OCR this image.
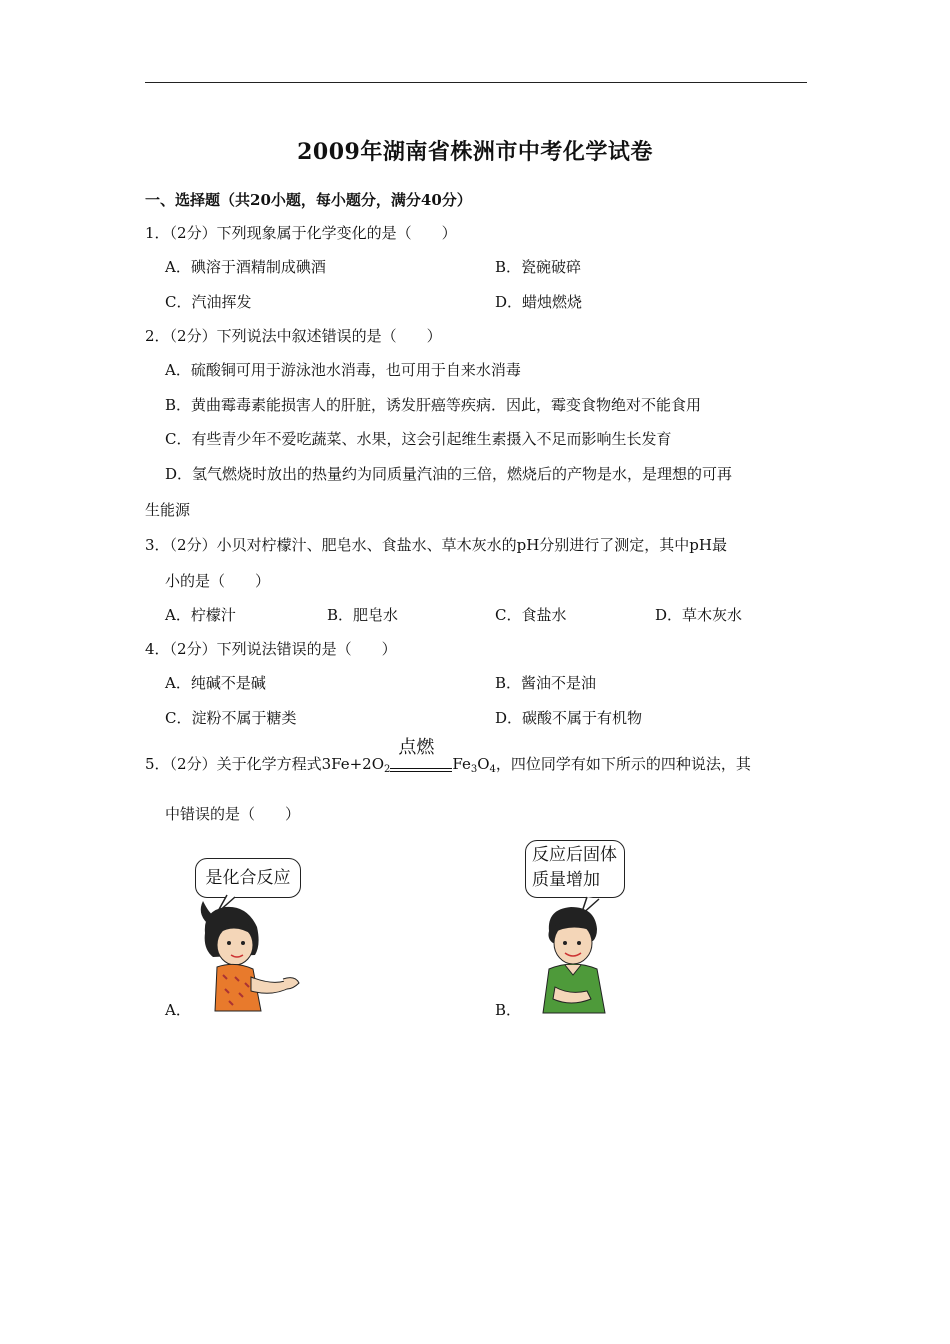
2009年湖南省株洲市中考化学试卷
一、选择题（共20小题，每小题分，满分40分）
1．（2分）下列现象属于化学变化的是（　　）
A．碘溶于酒精制成碘酒	B．瓷碗破碎
C．汽油挥发	D．蜡烛燃烧
2．（2分）下列说法中叙述错误的是（　　）
A．硫酸铜可用于游泳池水消毒，也可用于自来水消毒
B．黄曲霉毒素能损害人的肝脏，诱发肝癌等疾病．因此，霉变食物绝对不能食用
C．有些青少年不爱吃蔬菜、水果，这会引起维生素摄入不足而影响生长发育
D．氢气燃烧时放出的热量约为同质量汽油的三倍，燃烧后的产物是水，是理想的可再
生能源
3．（2分）小贝对柠檬汁、肥皂水、食盐水、草木灰水的pH分别进行了测定，其中pH最
小的是（　　）
A．柠檬汁	B．肥皂水	C．食盐水	D．草木灰水
4．（2分）下列说法错误的是（　　）
A．纯碱不是碱	B．酱油不是油
C．淀粉不属于糖类	D．碳酸不属于有机物
5．（2分）关于化学方程式$3Fe+2O_2$
点燃
$Fe_3O_4$，四位同学有如下所示的四种说法，其
中错误的是（　　）
是化合反应
A．
反应后固体
质量增加
B．
